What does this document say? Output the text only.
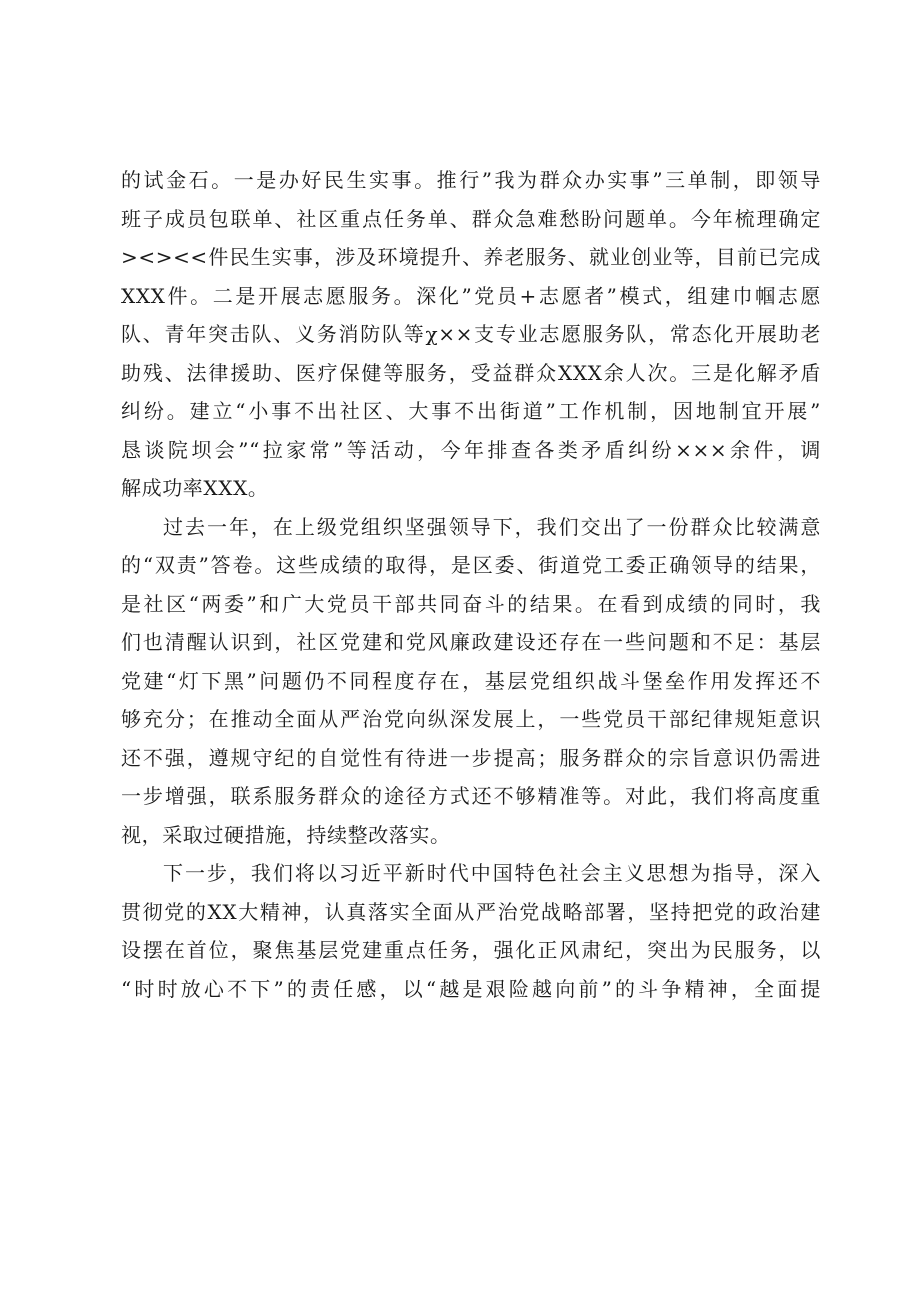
的试金石。一是办好民生实事。推行”我为群众办实事”三单制，即领导
班子成员包联单、社区重点任务单、群众急难愁盼问题单。今年梳理确定
><><<件民生实事，涉及环境提升、养老服务、就业创业等，目前已完成
XXX件。二是开展志愿服务。深化”党员+志愿者”模式，组建巾帼志愿
队、青年突击队、义务消防队等χ××支专业志愿服务队，常态化开展助老
助残、法律援助、医疗保健等服务，受益群众XXX余人次。三是化解矛盾
纠纷。建立“小事不出社区、大事不出街道”工作机制，因地制宜开展”
恳谈院坝会”“拉家常”等活动，今年排查各类矛盾纠纷×××余件，调
解成功率XXX。
过去一年，在上级党组织坚强领导下，我们交出了一份群众比较满意
的“双责”答卷。这些成绩的取得，是区委、街道党工委正确领导的结果，
是社区“两委”和广大党员干部共同奋斗的结果。在看到成绩的同时，我
们也清醒认识到，社区党建和党风廉政建设还存在一些问题和不足：基层
党建“灯下黑”问题仍不同程度存在，基层党组织战斗堡垒作用发挥还不
够充分；在推动全面从严治党向纵深发展上，一些党员干部纪律规矩意识
还不强，遵规守纪的自觉性有待进一步提高；服务群众的宗旨意识仍需进
一步增强，联系服务群众的途径方式还不够精准等。对此，我们将高度重
视，采取过硬措施，持续整改落实。
下一步，我们将以习近平新时代中国特色社会主义思想为指导，深入
贯彻党的XX大精神，认真落实全面从严治党战略部署，坚持把党的政治建
设摆在首位，聚焦基层党建重点任务，强化正风肃纪，突出为民服务，以
“时时放心不下”的责任感，以“越是艰险越向前”的斗争精神，全面提
